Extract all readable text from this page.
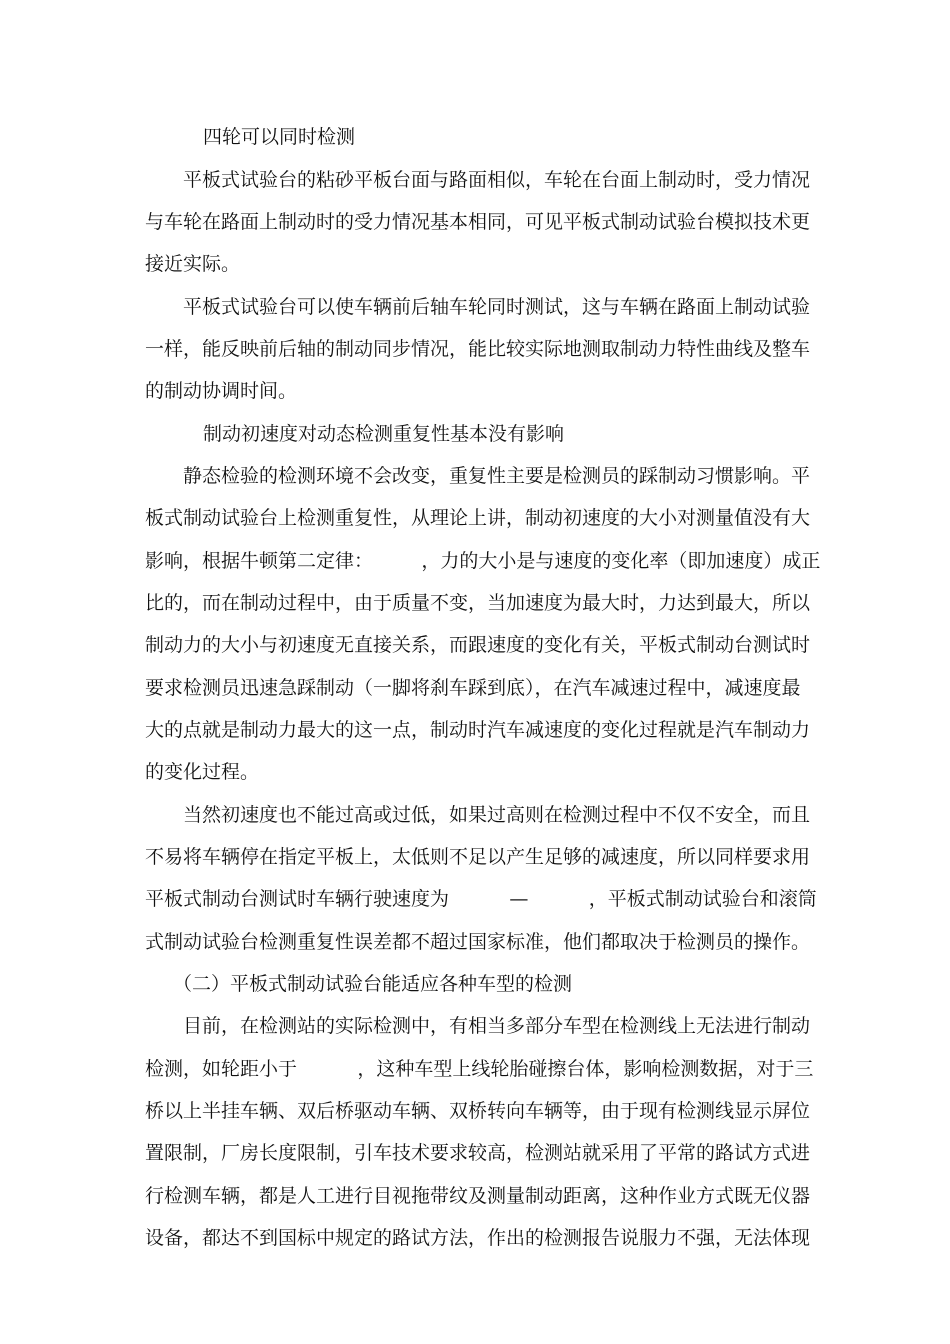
四轮可以同时检测
平板式试验台的粘砂平板台面与路面相似，车轮在台面上制动时，受力情况
与车轮在路面上制动时的受力情况基本相同，可见平板式制动试验台模拟技术更
接近实际。
平板式试验台可以使车辆前后轴车轮同时测试，这与车辆在路面上制动试验
一样，能反映前后轴的制动同步情况，能比较实际地测取制动力特性曲线及整车
的制动协调时间。
制动初速度对动态检测重复性基本没有影响
静态检验的检测环境不会改变，重复性主要是检测员的踩制动习惯影响。平
板式制动试验台上检测重复性，从理论上讲，制动初速度的大小对测量值没有大
影响，根据牛顿第二定律：        ，力的大小是与速度的变化率（即加速度）成正
比的，而在制动过程中，由于质量不变，当加速度为最大时，力达到最大，所以
制动力的大小与初速度无直接关系，而跟速度的变化有关，平板式制动台测试时
要求检测员迅速急踩制动（一脚将刹车踩到底），在汽车减速过程中，减速度最
大的点就是制动力最大的这一点，制动时汽车减速度的变化过程就是汽车制动力
的变化过程。
当然初速度也不能过高或过低，如果过高则在检测过程中不仅不安全，而且
不易将车辆停在指定平板上，太低则不足以产生足够的减速度，所以同样要求用
平板式制动台测试时车辆行驶速度为          —          ，平板式制动试验台和滚筒
式制动试验台检测重复性误差都不超过国家标准，他们都取决于检测员的操作。
（二）平板式制动试验台能适应各种车型的检测
目前，在检测站的实际检测中，有相当多部分车型在检测线上无法进行制动
检测，如轮距小于          ，这种车型上线轮胎碰擦台体，影响检测数据，对于三
桥以上半挂车辆、双后桥驱动车辆、双桥转向车辆等，由于现有检测线显示屏位
置限制，厂房长度限制，引车技术要求较高，检测站就采用了平常的路试方式进
行检测车辆，都是人工进行目视拖带纹及测量制动距离，这种作业方式既无仪器
设备，都达不到国标中规定的路试方法，作出的检测报告说服力不强，无法体现
